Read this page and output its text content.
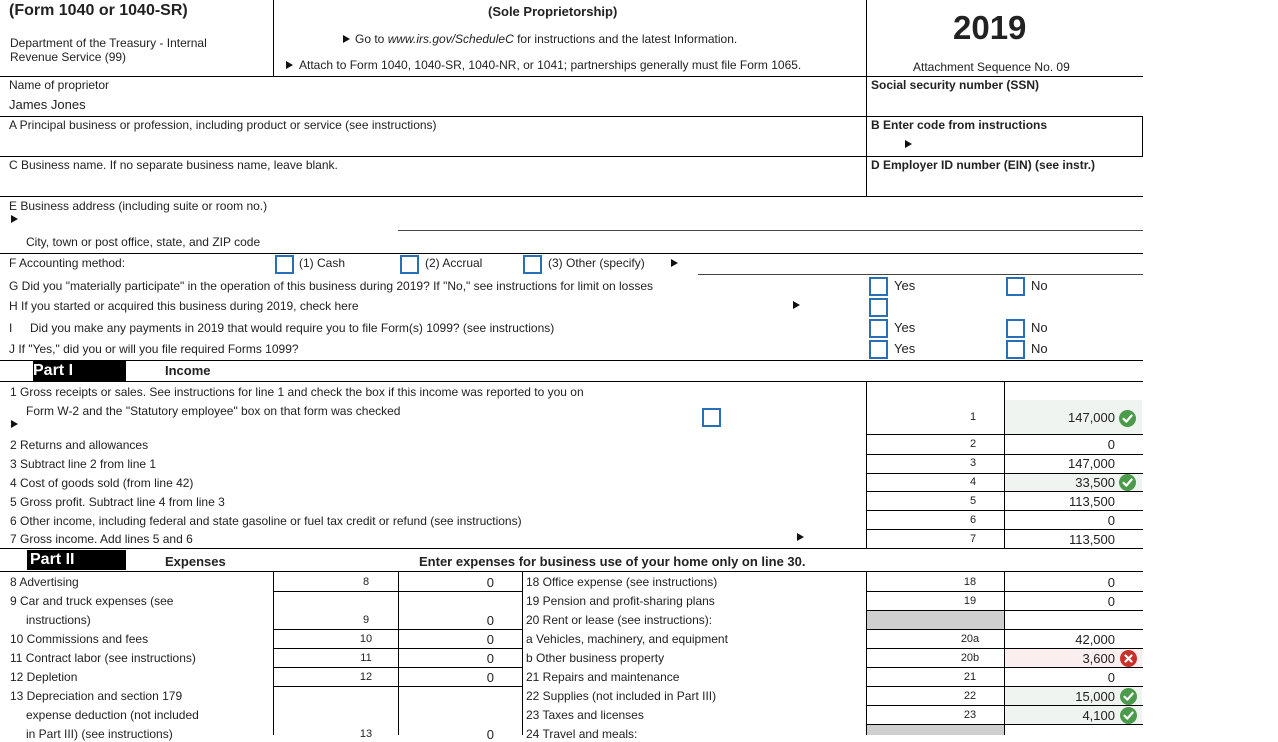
(Form 1040 or 1040-SR)
Department of the Treasury - Internal
Revenue Service (99)
(Sole Proprietorship)
Go to www.irs.gov/ScheduleC for instructions and the latest Information.
Attach to Form 1040, 1040-SR, 1040-NR, or 1041; partnerships generally must file Form 1065.
2019
Attachment Sequence No. 09
Name of proprietor
James Jones
Social security number (SSN)
A Principal business or profession, including product or service (see instructions)	B Enter code from instructions
C Business name. If no separate business name, leave blank.	D Employer ID number (EIN) (see instr.)
E Business address (including suite or room no.)
City, town or post office, state, and ZIP code
F Accounting method:	(1) Cash	(2) Accrual	(3) Other (specify)
G Did you "materially participate" in the operation of this business during 2019? If "No," see instructions for limit on losses	Yes	No
H If you started or acquired this business during 2019, check here
I Did you make any payments in 2019 that would require you to file Form(s) 1099? (see instructions)	Yes	No
J If "Yes," did you or will you file required Forms 1099?	Yes	No
Part I	Income
1 Gross receipts or sales. See instructions for line 1 and check the box if this income was reported to you on
Form W-2 and the "Statutory employee" box on that form was checked	1	147,000
2 Returns and allowances	2	0
3 Subtract line 2 from line 1	3	147,000
4 Cost of goods sold (from line 42)	4	33,500
5 Gross profit. Subtract line 4 from line 3	5	113,500
6 Other income, including federal and state gasoline or fuel tax credit or refund (see instructions)	6	0
7 Gross income. Add lines 5 and 6	7	113,500
Part II	Expenses	Enter expenses for business use of your home only on line 30.
8 Advertising	8	0
9 Car and truck expenses (see
instructions)	9	0
10 Commissions and fees	10	0
11 Contract labor (see instructions)	11	0
12 Depletion	12	0
13 Depreciation and section 179
expense deduction (not included
in Part III) (see instructions)	13	0
18 Office expense (see instructions)	18	0
19 Pension and profit-sharing plans	19	0
20 Rent or lease (see instructions):
a Vehicles, machinery, and equipment	20a	42,000
b Other business property	20b	3,600
21 Repairs and maintenance	21	0
22 Supplies (not included in Part III)	22	15,000
23 Taxes and licenses	23	4,100
24 Travel and meals:
